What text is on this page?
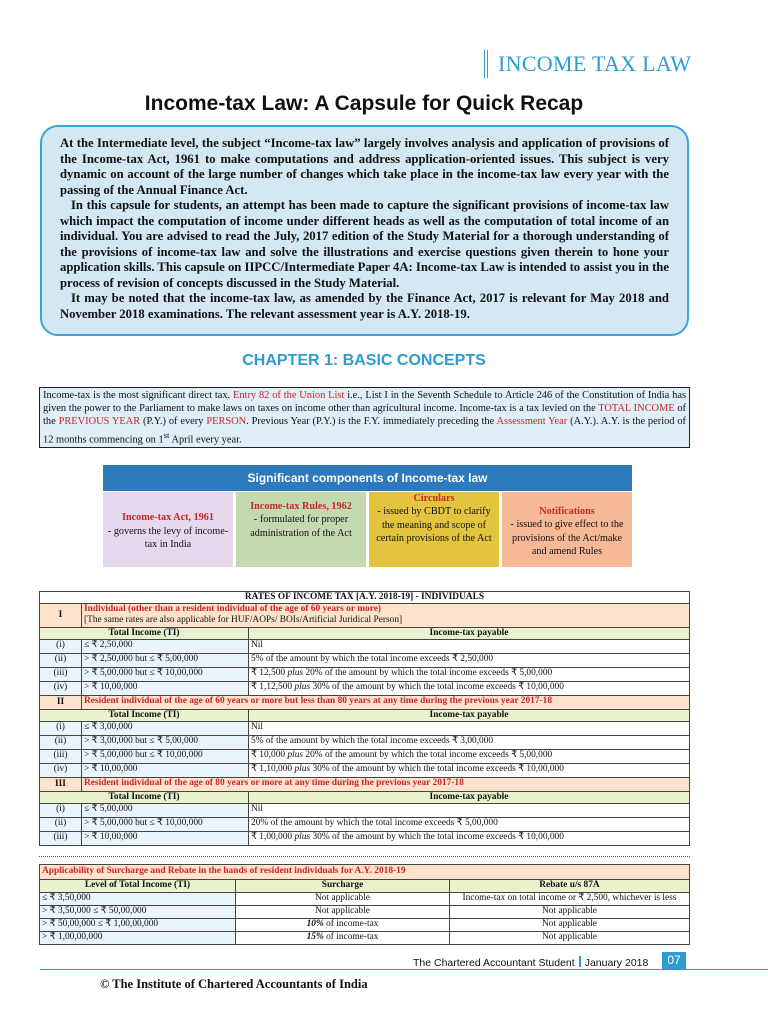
INCOME TAX LAW
Income-tax Law: A Capsule for Quick Recap

At the Intermediate level, the subject “Income-tax law” largely involves analysis and application of provisions of the Income-tax Act, 1961 to make computations and address application-oriented issues. This subject is very dynamic on account of the large number of changes which take place in the income-tax law every year with the passing of the Annual Finance Act.

In this capsule for students, an attempt has been made to capture the significant provisions of income-tax law which impact the computation of income under different heads as well as the computation of total income of an individual. You are advised to read the July, 2017 edition of the Study Material for a thorough understanding of the provisions of income-tax law and solve the illustrations and exercise questions given therein to hone your application skills. This capsule on IIPCC/Intermediate Paper 4A: Income-tax Law is intended to assist you in the process of revision of concepts discussed in the Study Material.

It may be noted that the income-tax law, as amended by the Finance Act, 2017 is relevant for May 2018 and November 2018 examinations. The relevant assessment year is A.Y. 2018-19.

CHAPTER 1: BASIC CONCEPTS
Income-tax is the most significant direct tax. Entry 82 of the Union List i.e., List I in the Seventh Schedule to Article 246 of the Constitution of India has given the power to the Parliament to make laws on taxes on income other than agricultural income. Income-tax is a tax levied on the TOTAL INCOME of the PREVIOUS YEAR (P.Y.) of every PERSON. Previous Year (P.Y.) is the F.Y. immediately preceding the Assessment Year (A.Y.). A.Y. is the period of 12 months commencing on 1st April every year.
Significant components of Income-tax law
Income-tax Act, 1961
- governs the levy of income-tax in India
Income-tax Rules, 1962
- formulated for proper administration of the Act
Circulars
- issued by CBDT to clarify the meaning and scope of certain provisions of the Act
Notifications
- issued to give effect to the provisions of the Act/make and amend Rules
RATES OF INCOME TAX [A.Y. 2018-19] - INDIVIDUALS		
I	Individual (other than a resident individual of the age of 60 years or more)
[The same rates are also applicable for HUF/AOPs/ BOIs/Artificial Juridical Person]	
Total Income (TI)		Income-tax payable
(i)	≤ ₹ 2,50,000	Nil
(ii)	> ₹ 2,50,000 but ≤ ₹ 5,00,000	5% of the amount by which the total income exceeds ₹ 2,50,000
(iii)	> ₹ 5,00,000 but ≤ ₹ 10,00,000	₹ 12,500 plus 20% of the amount by which the total income exceeds ₹ 5,00,000
(iv)	> ₹ 10,00,000	₹ 1,12,500 plus 30% of the amount by which the total income exceeds ₹ 10,00,000
II	Resident individual of the age of 60 years or more but less than 80 years at any time during the previous year 2017-18	
Total Income (TI)		Income-tax payable
(i)	≤ ₹ 3,00,000	Nil
(ii)	> ₹ 3,00,000 but ≤ ₹ 5,00,000	5% of the amount by which the total income exceeds ₹ 3,00,000
(iii)	> ₹ 5,00,000 but ≤ ₹ 10,00,000	₹ 10,000 plus 20% of the amount by which the total income exceeds ₹ 5,00,000
(iv)	> ₹ 10,00,000	₹ 1,10,000 plus 30% of the amount by which the total income exceeds ₹ 10,00,000
III	Resident individual of the age of 80 years or more at any time during the previous year 2017-18	
Total Income (TI)		Income-tax payable
(i)	≤ ₹ 5,00,000	Nil
(ii)	> ₹ 5,00,000 but ≤ ₹ 10,00,000	20% of the amount by which the total income exceeds ₹ 5,00,000
(iii)	> ₹ 10,00,000	₹ 1,00,000 plus 30% of the amount by which the total income exceeds ₹ 10,00,000
Applicability of Surcharge and Rebate in the hands of resident individuals for A.Y. 2018-19		
Level of Total Income (TI)	Surcharge	Rebate u/s 87A
≤ ₹ 3,50,000	Not applicable	Income-tax on total income or ₹ 2,500, whichever is less
> ₹ 3,50,000 ≤ ₹ 50,00,000	Not applicable	Not applicable
> ₹ 50,00,000 ≤ ₹ 1,00,00,000	10% of income-tax	Not applicable
> ₹ 1,00,00,000	15% of income-tax	Not applicable
The Chartered Accountant Student January 2018	07
© The Institute of Chartered Accountants of India
